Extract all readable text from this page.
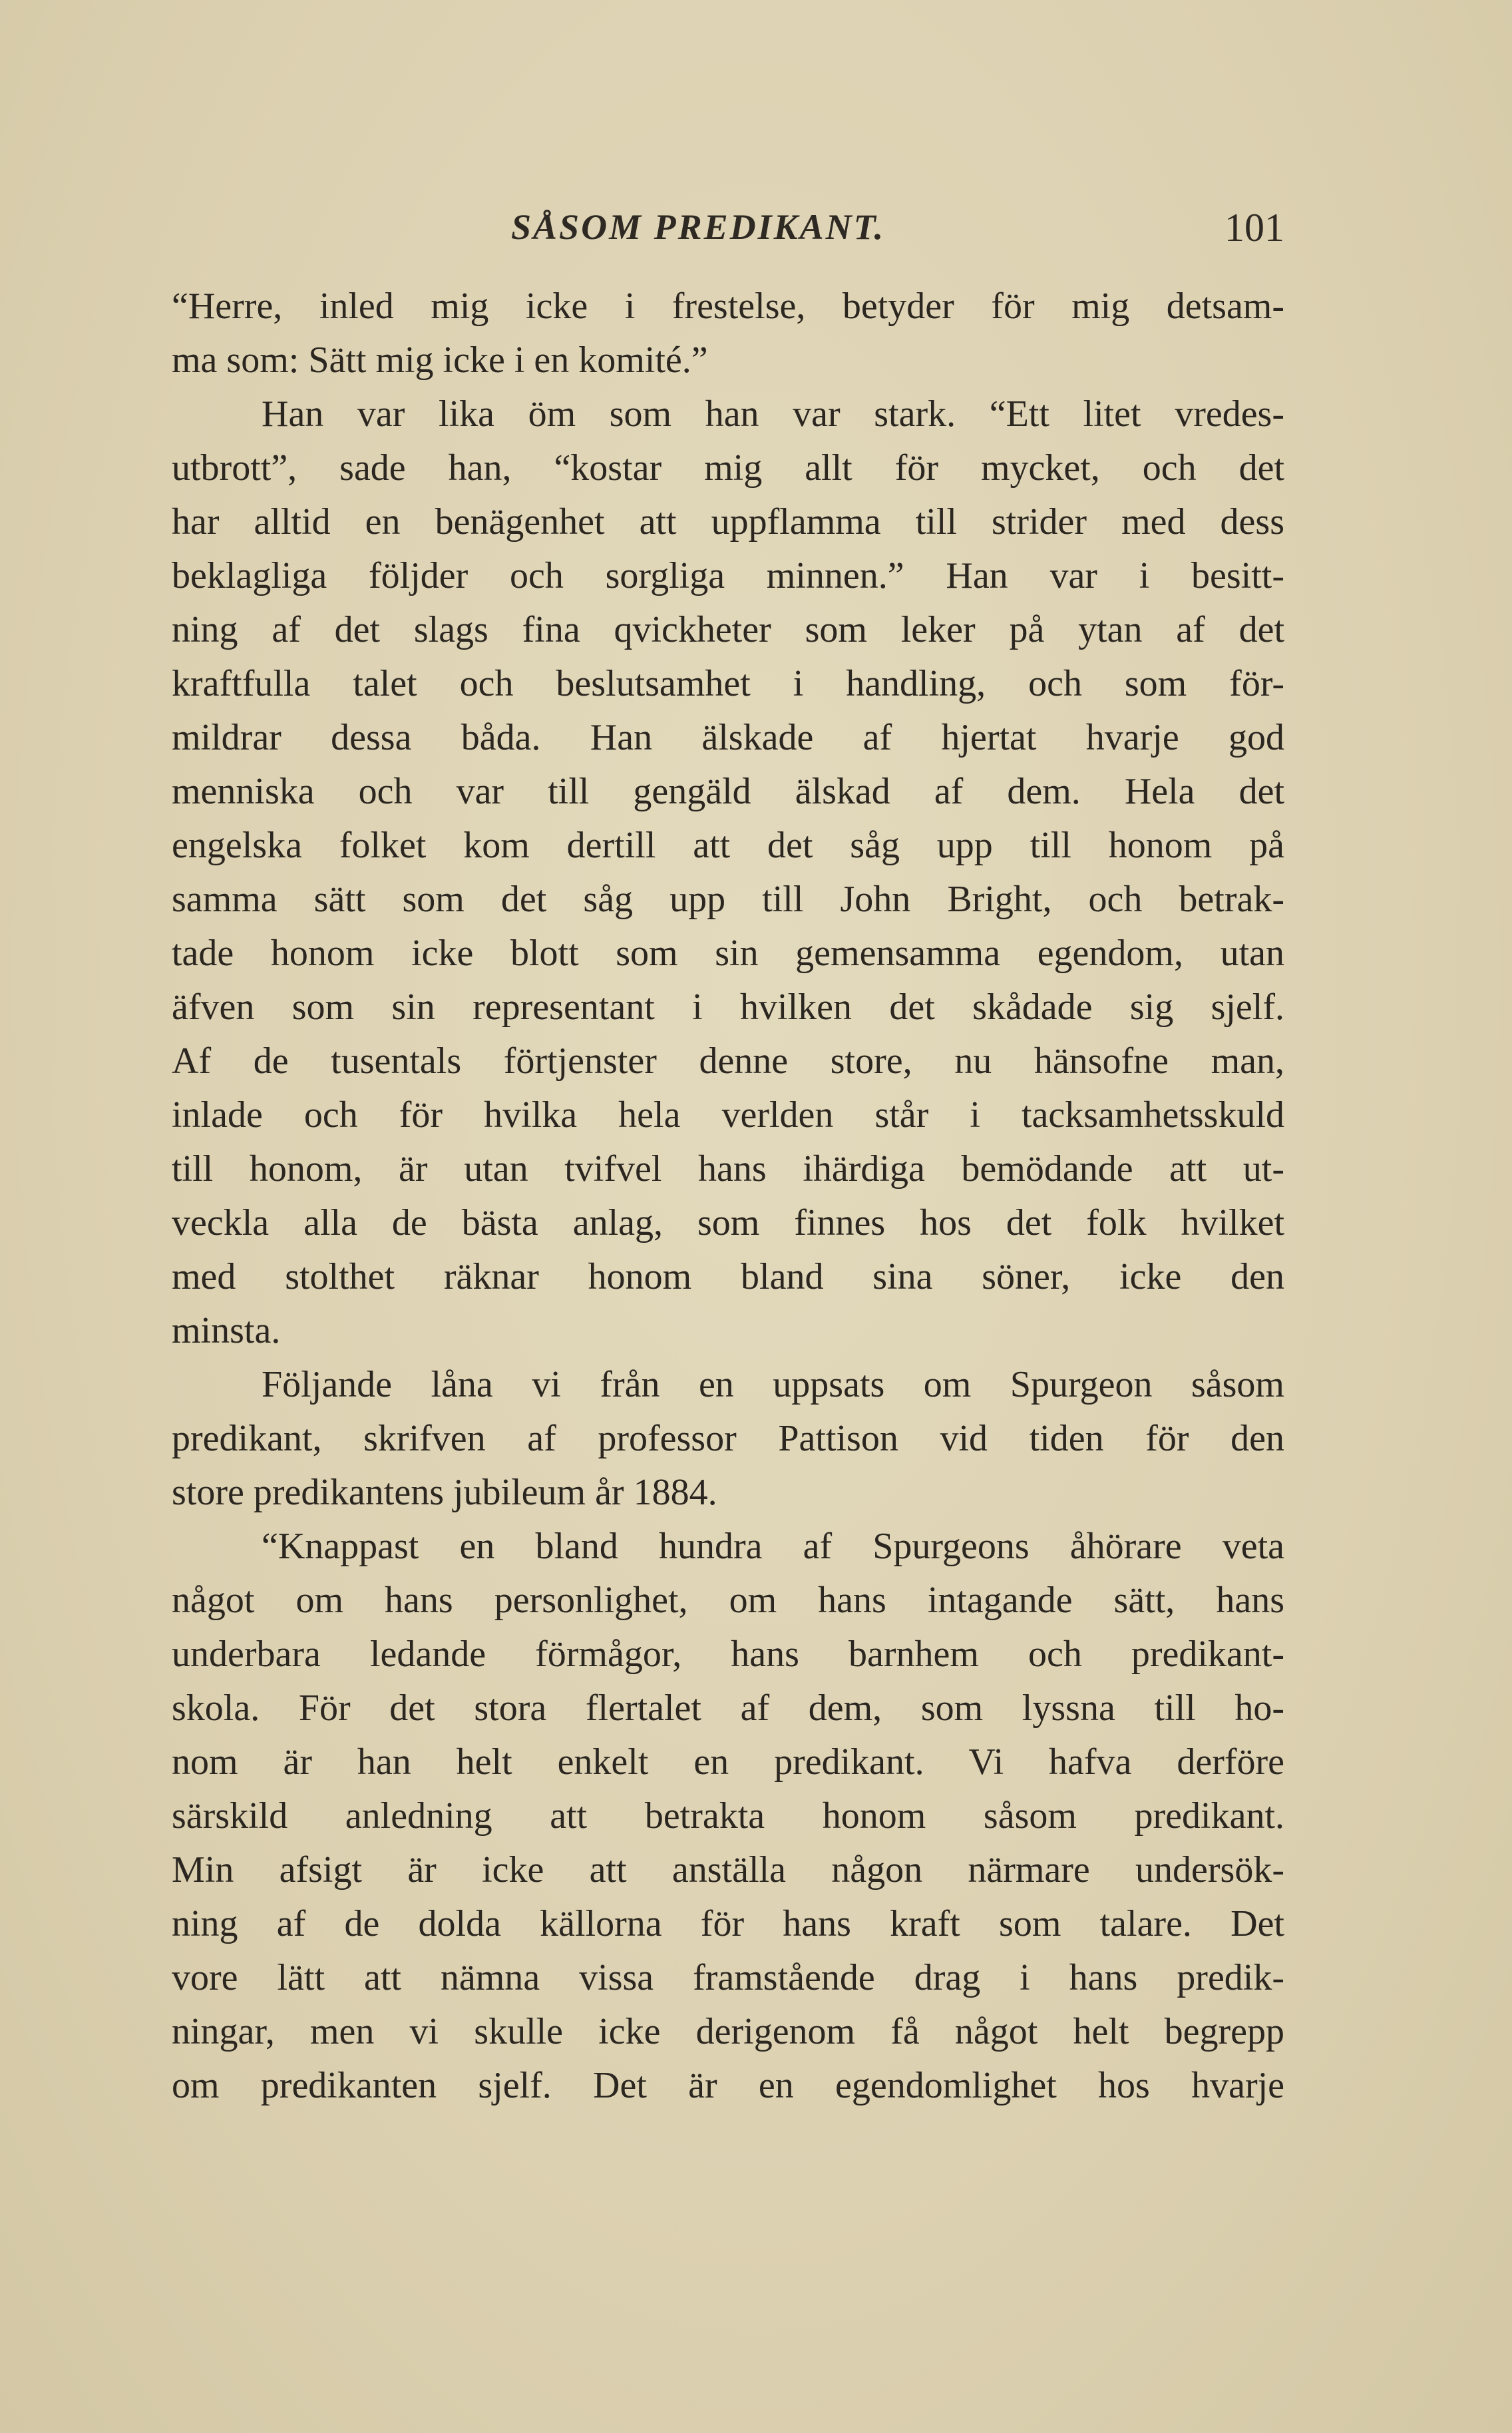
SÅSOM PREDIKANT.	101
“Herre, inled mig icke i frestelse, betyder för mig detsam-
ma som: Sätt mig icke i en komité.”
Han var lika öm som han var stark. “Ett litet vredes-
utbrott”, sade han, “kostar mig allt för mycket, och det
har alltid en benägenhet att uppflamma till strider med dess
beklagliga följder och sorgliga minnen.” Han var i besitt-
ning af det slags fina qvickheter som leker på ytan af det
kraftfulla talet och beslutsamhet i handling, och som för-
mildrar dessa båda. Han älskade af hjertat hvarje god
menniska och var till gengäld älskad af dem. Hela det
engelska folket kom dertill att det såg upp till honom på
samma sätt som det såg upp till John Bright, och betrak-
tade honom icke blott som sin gemensamma egendom, utan
äfven som sin representant i hvilken det skådade sig sjelf.
Af de tusentals förtjenster denne store, nu hänsofne man,
inlade och för hvilka hela verlden står i tacksamhetsskuld
till honom, är utan tvifvel hans ihärdiga bemödande att ut-
veckla alla de bästa anlag, som finnes hos det folk hvilket
med stolthet räknar honom bland sina söner, icke den
minsta.
Följande låna vi från en uppsats om Spurgeon såsom
predikant, skrifven af professor Pattison vid tiden för den
store predikantens jubileum år 1884.
“Knappast en bland hundra af Spurgeons åhörare veta
något om hans personlighet, om hans intagande sätt, hans
underbara ledande förmågor, hans barnhem och predikant-
skola. För det stora flertalet af dem, som lyssna till ho-
nom är han helt enkelt en predikant. Vi hafva derföre
särskild anledning att betrakta honom såsom predikant.
Min afsigt är icke att anställa någon närmare undersök-
ning af de dolda källorna för hans kraft som talare. Det
vore lätt att nämna vissa framstående drag i hans predik-
ningar, men vi skulle icke derigenom få något helt begrepp
om predikanten sjelf. Det är en egendomlighet hos hvarje
